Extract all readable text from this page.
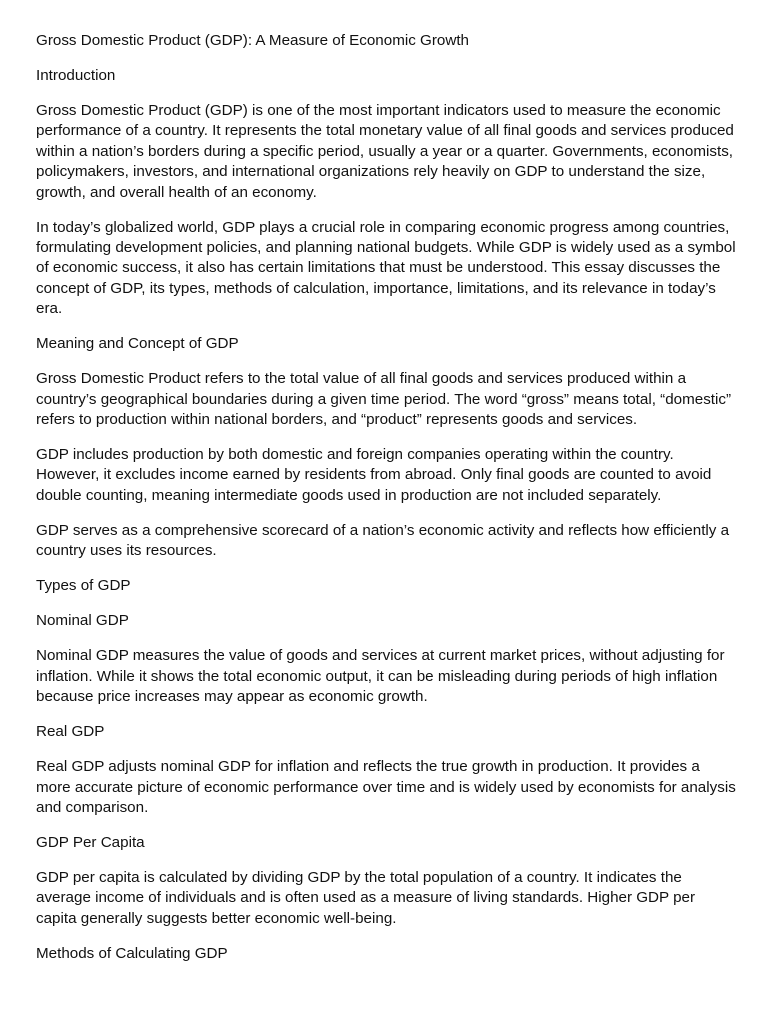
Gross Domestic Product (GDP): A Measure of Economic Growth

Introduction

Gross Domestic Product (GDP) is one of the most important indicators used to measure the economic performance of a country. It represents the total monetary value of all final goods and services produced within a nation’s borders during a specific period, usually a year or a quarter. Governments, economists, policymakers, investors, and international organizations rely heavily on GDP to understand the size, growth, and overall health of an economy.

In today’s globalized world, GDP plays a crucial role in comparing economic progress among countries, formulating development policies, and planning national budgets. While GDP is widely used as a symbol of economic success, it also has certain limitations that must be understood. This essay discusses the concept of GDP, its types, methods of calculation, importance, limitations, and its relevance in today’s era.

Meaning and Concept of GDP

Gross Domestic Product refers to the total value of all final goods and services produced within a country’s geographical boundaries during a given time period. The word “gross” means total, “domestic” refers to production within national borders, and “product” represents goods and services.

GDP includes production by both domestic and foreign companies operating within the country. However, it excludes income earned by residents from abroad. Only final goods are counted to avoid double counting, meaning intermediate goods used in production are not included separately.

GDP serves as a comprehensive scorecard of a nation’s economic activity and reflects how efficiently a country uses its resources.

Types of GDP

Nominal GDP

Nominal GDP measures the value of goods and services at current market prices, without adjusting for inflation. While it shows the total economic output, it can be misleading during periods of high inflation because price increases may appear as economic growth.

Real GDP

Real GDP adjusts nominal GDP for inflation and reflects the true growth in production. It provides a more accurate picture of economic performance over time and is widely used by economists for analysis and comparison.

GDP Per Capita

GDP per capita is calculated by dividing GDP by the total population of a country. It indicates the average income of individuals and is often used as a measure of living standards. Higher GDP per capita generally suggests better economic well-being.

Methods of Calculating GDP
